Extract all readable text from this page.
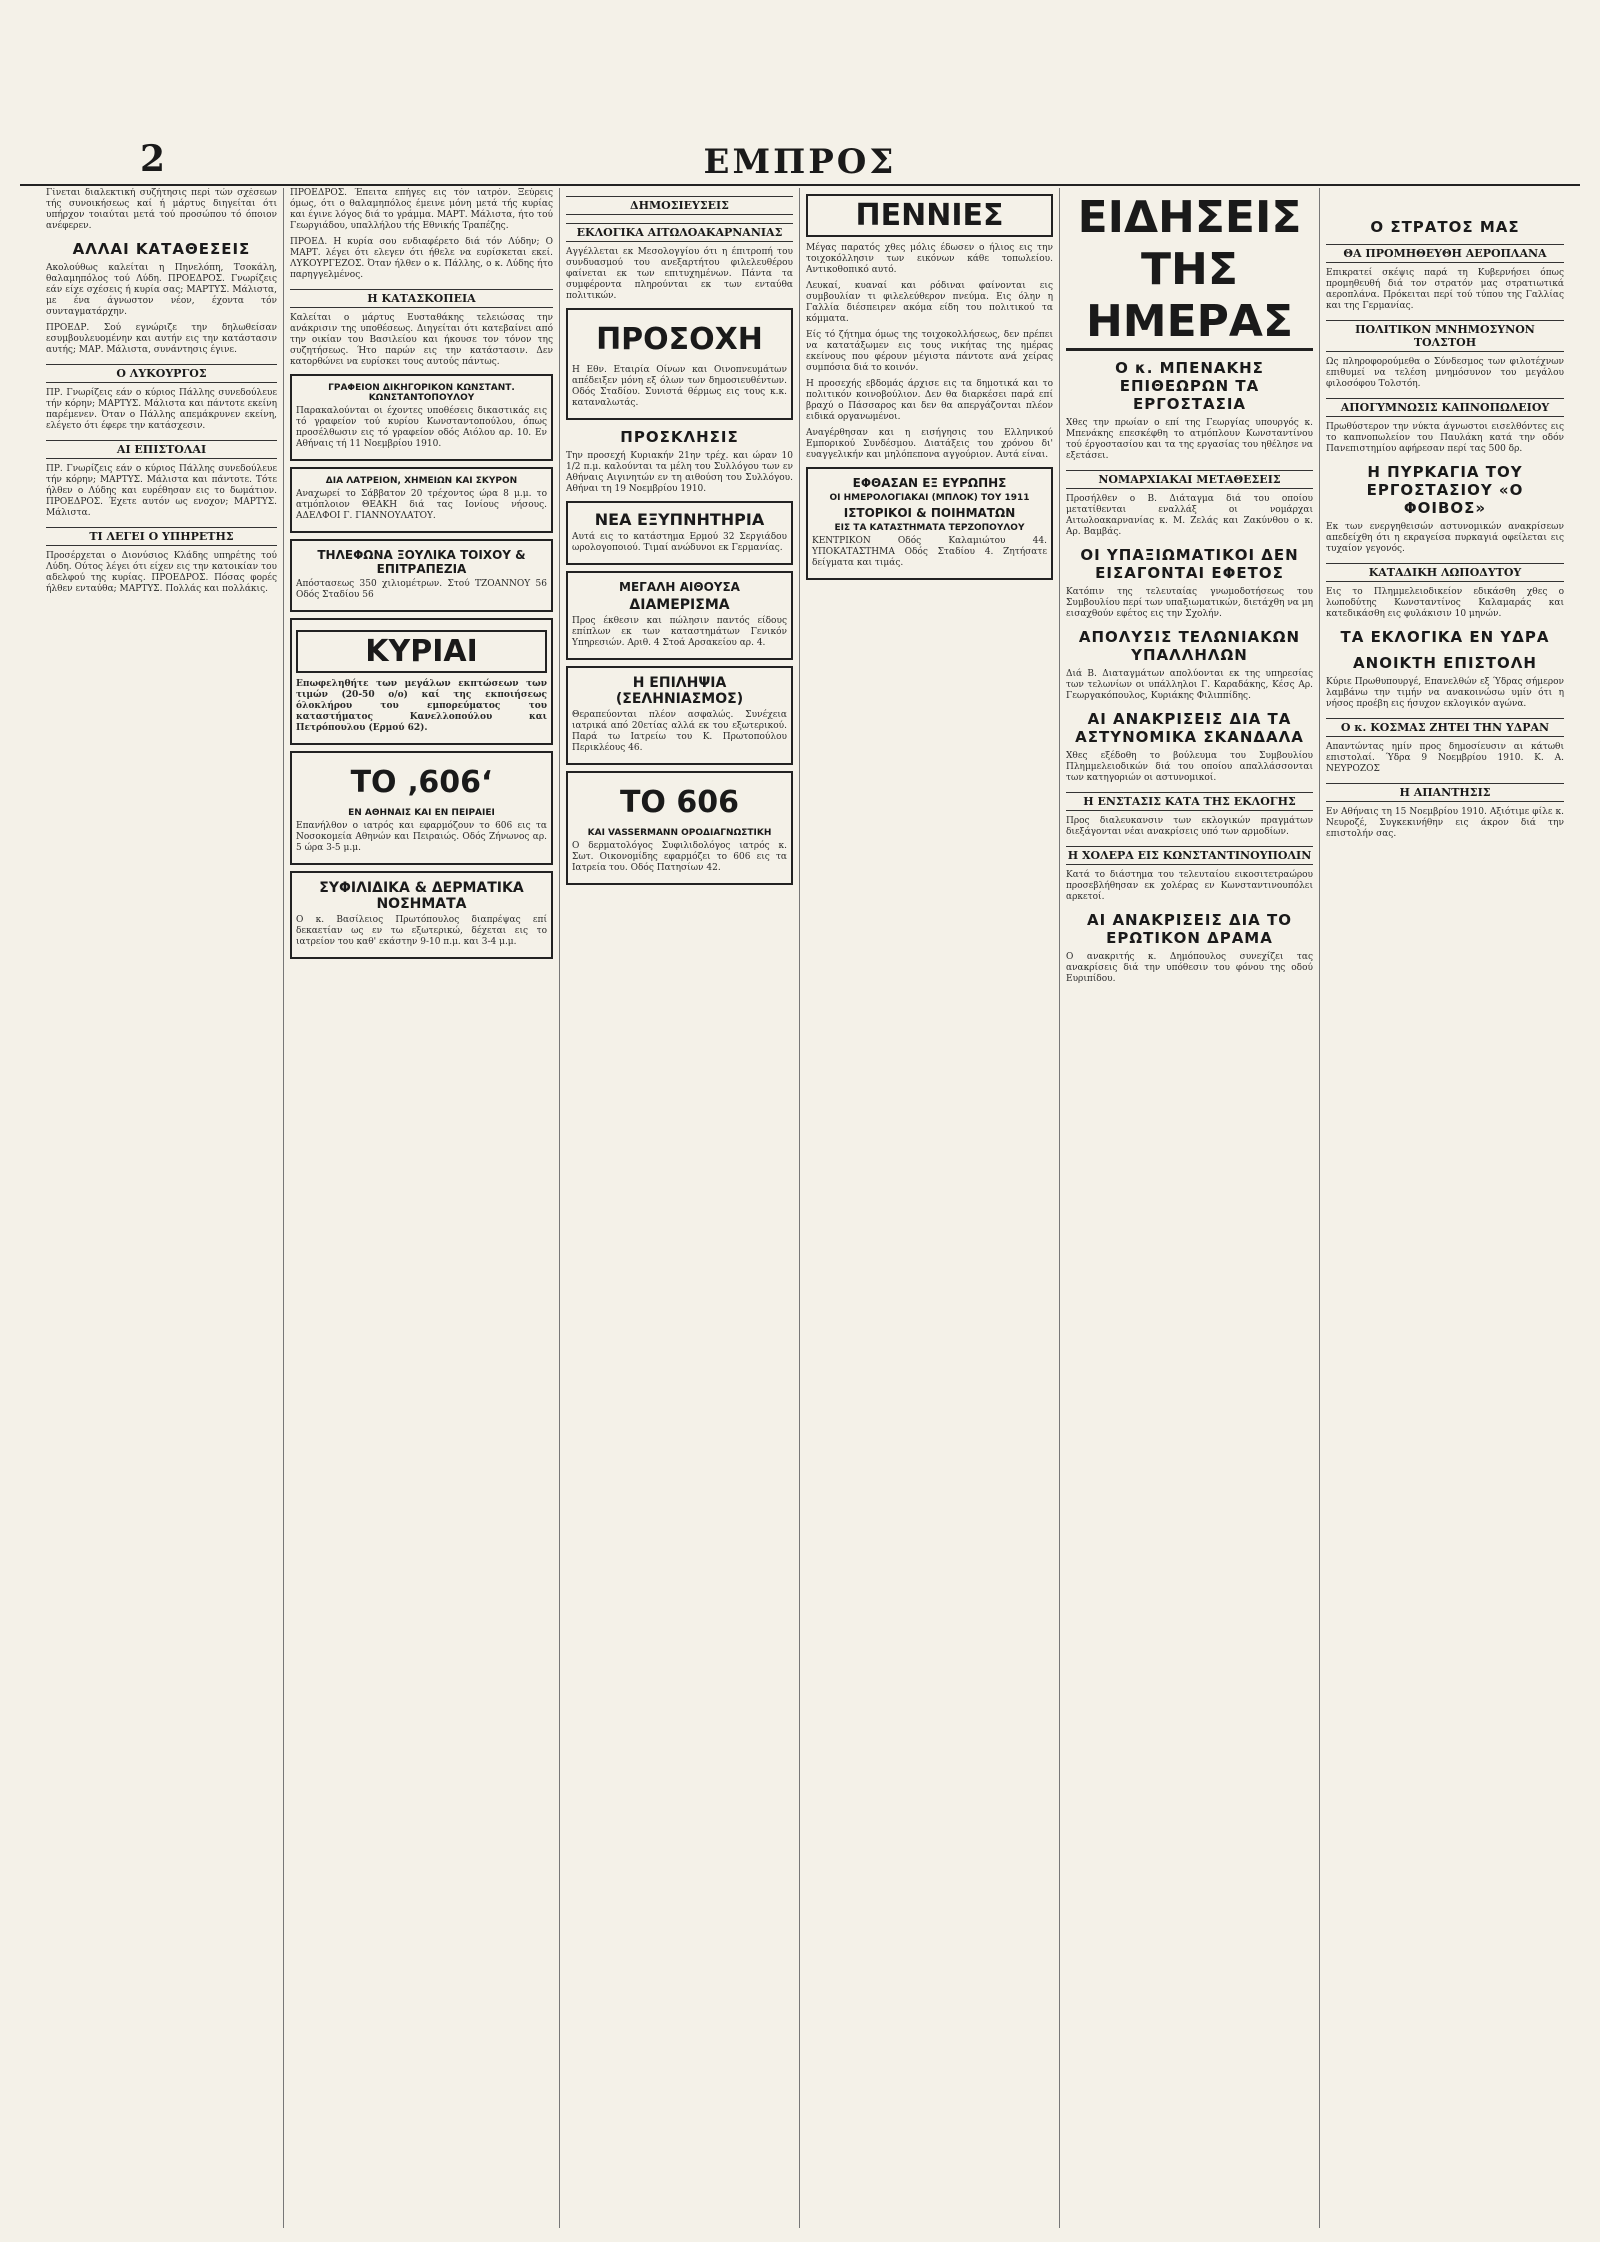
2	ΕΜΠΡΟΣ

Γίνεται διαλεκτική συζήτησις περί τών σχέσεων τής συνοικήσεως καί ή μάρτυς διηγείται ότι υπήρχον τοιαύται μετά τού προσώπου τό όποιον ανέφερεν.

ΑΛΛΑΙ ΚΑΤΑΘΕΣΕΙΣ

Ακολούθως καλείται η Πηνελόπη, Τσοκάλη, θαλαμηπόλος τού Λύδη. ΠΡΟΕΔΡΟΣ. Γνωρίζεις εάν είχε σχέσεις ή κυρία σας; ΜΑΡΤΥΣ. Μάλιστα, με ένα άγνωστον νέον, έχοντα τόν συνταγματάρχην.

ΠΡΟΕΔΡ. Σού εγνώριζε την δηλωθείσαν εσυμβουλευομένην και αυτήν εις την κατάστασιν αυτής; ΜΑΡ. Μάλιστα, συνάντησις έγινε.

Ο ΛΥΚΟΥΡΓΟΣ

ΠΡ. Γνωρίζεις εάν ο κύριος Πάλλης συνεδούλευε τήν κόρην; ΜΑΡΤΥΣ. Μάλιστα και πάντοτε εκείνη παρέμενεν. Όταν ο Πάλλης απεμάκρυνεν εκείνη, ελέγετο ότι έφερε την κατάσχεσιν.

ΑΙ ΕΠΙΣΤΟΛΑΙ

ΠΡ. Γνωρίζεις εάν ο κύριος Πάλλης συνεδούλευε τήν κόρην; ΜΑΡΤΥΣ. Μάλιστα και πάντοτε. Τότε ήλθεν ο Λύδης και ευρέθησαν εις το δωμάτιον. ΠΡΟΕΔΡΟΣ. Έχετε αυτόν ως ενοχον; ΜΑΡΤΥΣ. Μάλιστα.

ΤΙ ΛΕΓΕΙ Ο ΥΠΗΡΕΤΗΣ

Προσέρχεται ο Διονύσιος Κλάδης υπηρέτης τού Λύδη. Ούτος λέγει ότι είχεν εις την κατοικίαν του αδελφού της κυρίας. ΠΡΟΕΔΡΟΣ. Πόσας φορές ήλθεν ενταύθα; ΜΑΡΤΥΣ. Πολλάς και πολλάκις.

ΠΡΟΕΔΡΟΣ. Έπειτα επήγες εις τόν ιατρόν. Ξεύρεις όμως, ότι ο θαλαμηπόλος έμεινε μόνη μετά τής κυρίας και έγινε λόγος διά το γράμμα. ΜΑΡΤ. Μάλιστα, ήτο τού Γεωργιάδου, υπαλλήλου τής Εθνικής Τραπέζης.

ΠΡΟΕΔ. Η κυρία σου ενδιαφέρετο διά τόν Λύδην; Ο ΜΑΡΤ. λέγει ότι ελεγεν ότι ήθελε να ευρίσκεται εκεί. ΛΥΚΟΥΡΓΕΖΟΣ. Όταν ήλθεν ο κ. Πάλλης, ο κ. Λύδης ήτο παρηγγελμένος.

Η ΚΑΤΑΣΚΟΠΕΙΑ

Καλείται ο μάρτυς Ευσταθάκης τελειώσας την ανάκρισιν της υποθέσεως. Διηγείται ότι κατεβαίνει από την οικίαν του Βασιλείου και ήκουσε τον τόνον της συζητήσεως. Ήτο παρών εις την κατάστασιν. Δεν κατορθώνει να ευρίσκει τους αυτούς πάντως.

ΓΡΑΦΕΙΟΝ ΔΙΚΗΓΟΡΙΚΟΝ ΚΩΝΣΤΑΝΤ. ΚΩΝΣΤΑΝΤΟΠΟΥΛΟΥ

Παρακαλούνται οι έχοντες υποθέσεις δικαστικάς εις τό γραφείον τού κυρίου Κωνσταντοπούλου, όπως προσέλθωσιν εις τό γραφείον οδός Αιόλου αρ. 10. Εν Αθήναις τή 11 Νοεμβρίου 1910.

ΔΙΑ ΛΑΤΡΕΙΟΝ, ΧΗΜΕΙΩΝ ΚΑΙ ΣΚΥΡΟΝ

Αναχωρεί το Σάββατον 20 τρέχοντος ώρα 8 μ.μ. το ατμόπλοιον ΘΕΑΚΗ διά τας Ιονίους νήσους. ΑΔΕΛΦΟΙ Γ. ΓΙΑΝΝΟΥΛΑΤΟΥ.

ΤΗΛΕΦΩΝΑ ΞΟΥΛΙΚΑ ΤΟΙΧΟΥ & ΕΠΙΤΡΑΠΕΖΙΑ

Απόστασεως 350 χιλιομέτρων. Στού ΤΖΟΑΝΝΟΥ 56 Οδός Σταδίου 56

ΚΥΡΙΑΙ

Επωφεληθήτε των μεγάλων εκπτώσεων των τιμών (20-50 ο/ο) καί της εκποιήσεως όλοκλήρου του εμπορεύματος του καταστήματος Κανελλοπούλου και Πετρόπουλου (Ερμού 62).

ΤΟ ‚606‘
ΕΝ ΑΘΗΝΑΙΣ ΚΑΙ ΕΝ ΠΕΙΡΑΙΕΙ

Επανήλθον ο ιατρός και εφαρμόζουν το 606 εις τα Νοσοκομεία Αθηνών και Πειραιώς. Οδός Ζήνωνος αρ. 5 ώρα 3-5 μ.μ.

ΣΥΦΙΛΙΔΙΚΑ & ΔΕΡΜΑΤΙΚΑ ΝΟΣΗΜΑΤΑ

Ο κ. Βασίλειος Πρωτόπουλος διαπρέψας επί δεκαετίαν ως εν τω εξωτερικώ, δέχεται εις το ιατρείον του καθ' εκάστην 9-10 π.μ. και 3-4 μ.μ.

ΔΗΜΟΣΙΕΥΣΕΙΣ
ΕΚΛΟΓΙΚΑ ΑΙΤΩΛΟΑΚΑΡΝΑΝΙΑΣ

Αγγέλλεται εκ Μεσολογγίου ότι η έπιτροπή του συνδυασμού του ανεξαρτήτου φιλελευθέρου φαίνεται εκ των επιτυχημένων. Πάντα τα συμφέροντα πληρούνται εκ των ενταύθα πολιτικών.

ΠΡΟΣΟΧΗ

Η Εθν. Εταιρία Οίνων και Οινοπνευμάτων απέδειξεν μόνη εξ όλων των δημοσιευθέντων. Οδός Σταδίου. Συνιστά θέρμως εις τους κ.κ. καταναλωτάς.

ΠΡΟΣΚΛΗΣΙΣ

Την προσεχή Κυριακήν 21ην τρέχ. και ώραν 10 1/2 π.μ. καλούνται τα μέλη του Συλλόγου των εν Αθήναις Αιγινητών εν τη αιθούση του Συλλόγου. Αθήναι τη 19 Νοεμβρίου 1910.

ΝΕΑ ΕΞΥΠΝΗΤΗΡΙΑ

Αυτά εις το κατάστημα Ερμού 32 Σεργιάδου ωρολογοποιού. Τιμαί ανώδυνοι εκ Γερμανίας.

ΜΕΓΑΛΗ ΑΙΘΟΥΣΑ
ΔΙΑΜΕΡΙΣΜΑ

Προς έκθεσιν και πώλησιν παντός είδους επίπλων εκ των καταστημάτων Γενικόν Υπηρεσιών. Αριθ. 4 Στοά Αρσακείου αρ. 4.

Η ΕΠΙΛΗΨΙΑ (ΣΕΛΗΝΙΑΣΜΟΣ)

Θεραπεύονται πλέον ασφαλώς. Συνέχεια ιατρικά από 20ετίας αλλά εκ του εξωτερικού. Παρά τω Ιατρείω του Κ. Πρωτοπούλου Περικλέους 46.

ΤΟ 606
ΚΑΙ VASSERMANN ΟΡΟΔΙΑΓΝΩΣΤΙΚΗ

Ο δερματολόγος Συφιλιδολόγος ιατρός κ. Σωτ. Οικονομίδης εφαρμόζει το 606 εις τα Ιατρεία του. Οδός Πατησίων 42.

ΠΕΝΝΙΕΣ

Μέγας παρατός χθες μόλις έδωσεν ο ήλιος εις την τοιχοκόλλησιν των εικόνων κάθε τοπωλείου. Αντικοθοπικό αυτό.

Λευκαί, κυαναί και ρόδιναι φαίνονται εις συμβουλίαν τι φιλελεύθερον πνεύμα. Εις όλην η Γαλλία διέσπειρεν ακόμα είδη του πολιτικού τα κόμματα.

Είς τό ζήτημα όμως της τοιχοκολλήσεως, δεν πρέπει να κατατάξωμεν εις τους νικήτας της ημέρας εκείνους που φέρουν μέγιστα πάντοτε ανά χείρας συμπόσια διά το κοινόν.

Η προσεχής εβδομάς άρχισε εις τα δημοτικά και το πολιτικόν κοινοβούλιον. Δεν θα διαρκέσει παρά επί βραχύ ο Πάσσαρος και δεν θα απεργάζονται πλέον ειδικά οργανωμένοι.

Αναγέρθησαν και η εισήγησις του Ελληνικού Εμπορικού Συνδέσμου. Διατάξεις του χρόνου δι' ευαγγελικήν και μηλόπεπονα αγγούριον. Αυτά είναι.

ΕΦΘΑΣΑΝ ΕΞ ΕΥΡΩΠΗΣ
ΟΙ ΗΜΕΡΟΛΟΓΙΑΚΑΙ (ΜΠΛΟΚ) ΤΟΥ 1911
ΙΣΤΟΡΙΚΟΙ & ΠΟΙΗΜΑΤΩΝ
ΕΙΣ ΤΑ ΚΑΤΑΣΤΗΜΑΤΑ ΤΕΡΖΟΠΟΥΛΟΥ

ΚΕΝΤΡΙΚΟΝ Οδός Καλαμιώτου 44. ΥΠΟΚΑΤΑΣΤΗΜΑ Οδός Σταδίου 4. Ζητήσατε δείγματα και τιμάς.

ΕΙΔΗΣΕΙΣ ΤΗΣ ΗΜΕΡΑΣ
Ο κ. ΜΠΕΝΑΚΗΣ ΕΠΙΘΕΩΡΩΝ ΤΑ ΕΡΓΟΣΤΑΣΙΑ

Χθες την πρωίαν ο επί της Γεωργίας υπουργός κ. Μπενάκης επεσκέφθη το ατμόπλουν Κωνσταντίνου τού έργοστασίου και τα της εργασίας του ηθέλησε να εξετάσει.

ΝΟΜΑΡΧΙΑΚΑΙ ΜΕΤΑΘΕΣΕΙΣ

Προσήλθεν ο Β. Διάταγμα διά του οποίου μετατίθενται εναλλάξ οι νομάρχαι Αιτωλοακαρνανίας κ. Μ. Ζελάς και Ζακύνθου ο κ. Αρ. Βαμβάς.

ΟΙ ΥΠΑΞΙΩΜΑΤΙΚΟΙ ΔΕΝ ΕΙΣΑΓΟΝΤΑΙ ΕΦΕΤΟΣ

Κατόπιν της τελευταίας γνωμοδοτήσεως του Συμβουλίου περί των υπαξιωματικών, διετάχθη να μη εισαχθούν εφέτος εις την Σχολήν.

ΑΠΟΛΥΣΙΣ ΤΕΛΩΝΙΑΚΩΝ ΥΠΑΛΛΗΛΩΝ

Διά Β. Διαταγμάτων απολύονται εκ της υπηρεσίας των τελωνίων οι υπάλληλοι Γ. Καραδάκης, Κέσς Αρ. Γεωργακόπουλος, Κυριάκης Φιλιππίδης.

ΑΙ ΑΝΑΚΡΙΣΕΙΣ ΔΙΑ ΤΑ ΑΣΤΥΝΟΜΙΚΑ ΣΚΑΝΔΑΛΑ

Χθες εξέδοθη το βούλευμα του Συμβουλίου Πλημμελειοδικών διά του οποίου απαλλάσσονται των κατηγοριών οι αστυνομικοί.

Η ΕΝΣΤΑΣΙΣ ΚΑΤΑ ΤΗΣ ΕΚΛΟΓΗΣ

Προς διαλευκανσιν των εκλογικών πραγμάτων διεξάγονται νέαι ανακρίσεις υπό των αρμοδίων.

Η ΧΟΛΕΡΑ ΕΙΣ ΚΩΝΣΤΑΝΤΙΝΟΥΠΟΛΙΝ

Κατά το διάστημα του τελευταίου εικοσιτετραώρου προσεβλήθησαν εκ χολέρας εν Κωνσταντινουπόλει αρκετοί.

ΑΙ ΑΝΑΚΡΙΣΕΙΣ ΔΙΑ ΤΟ ΕΡΩΤΙΚΟΝ ΔΡΑΜΑ

Ο ανακριτής κ. Δημόπουλος συνεχίζει τας ανακρίσεις διά την υπόθεσιν του φόνου της οδού Ευριπίδου.

Ο ΣΤΡΑΤΟΣ ΜΑΣ
ΘΑ ΠΡΟΜΗΘΕΥΘΗ ΑΕΡΟΠΛΑΝΑ

Επικρατεί σκέψις παρά τη Κυβερνήσει όπως προμηθευθή διά τον στρατόν μας στρατιωτικά αεροπλάνα. Πρόκειται περί τού τύπου της Γαλλίας και της Γερμανίας.

ΠΟΛΙΤΙΚΟΝ ΜΝΗΜΟΣΥΝΟΝ ΤΟΛΣΤΟΗ

Ως πληροφορούμεθα ο Σύνδεσμος των φιλοτέχνων επιθυμεί να τελέση μνημόσυνον του μεγάλου φιλοσόφου Τολστόη.

ΑΠΟΓΥΜΝΩΣΙΣ ΚΑΠΝΟΠΩΛΕΙΟΥ

Πρωθύστερον την νύκτα άγνωστοι εισελθόντες εις το καπνοπωλείον του Παυλάκη κατά την οδόν Πανεπιστημίου αφήρεσαν περί τας 500 δρ.

Η ΠΥΡΚΑΓΙΑ ΤΟΥ ΕΡΓΟΣΤΑΣΙΟΥ «Ο ΦΟΙΒΟΣ»

Εκ των ενεργηθεισών αστυνομικών ανακρίσεων απεδείχθη ότι η εκραγείσα πυρκαγιά οφείλεται εις τυχαίον γεγονός.

ΚΑΤΑΔΙΚΗ ΛΩΠΟΔΥΤΟΥ

Εις το Πλημμελειοδικείον εδικάσθη χθες ο λωποδύτης Κωνσταντίνος Καλαμαράς και κατεδικάσθη εις φυλάκισιν 10 μηνών.

ΤΑ ΕΚΛΟΓΙΚΑ ΕΝ ΥΔΡΑ
ΑΝΟΙΚΤΗ ΕΠΙΣΤΟΛΗ

Κύριε Πρωθυπουργέ, Επανελθών εξ Ύδρας σήμερον λαμβάνω την τιμήν να ανακοινώσω υμίν ότι η νήσος προέβη εις ήσυχον εκλογικόν αγώνα.

Ο κ. ΚΟΣΜΑΣ ΖΗΤΕΙ ΤΗΝ ΥΔΡΑΝ

Απαντώντας ημίν προς δημοσίευσιν αι κάτωθι επιστολαί. Ύδρα 9 Νοεμβρίου 1910. Κ. Α. ΝΕΥΡΟΖΟΣ

Η ΑΠΑΝΤΗΣΙΣ

Εν Αθήναις τη 15 Νοεμβρίου 1910. Αξιότιμε φίλε κ. Νευροζέ, Συγκεκινήθην εις άκρον διά την επιστολήν σας.
